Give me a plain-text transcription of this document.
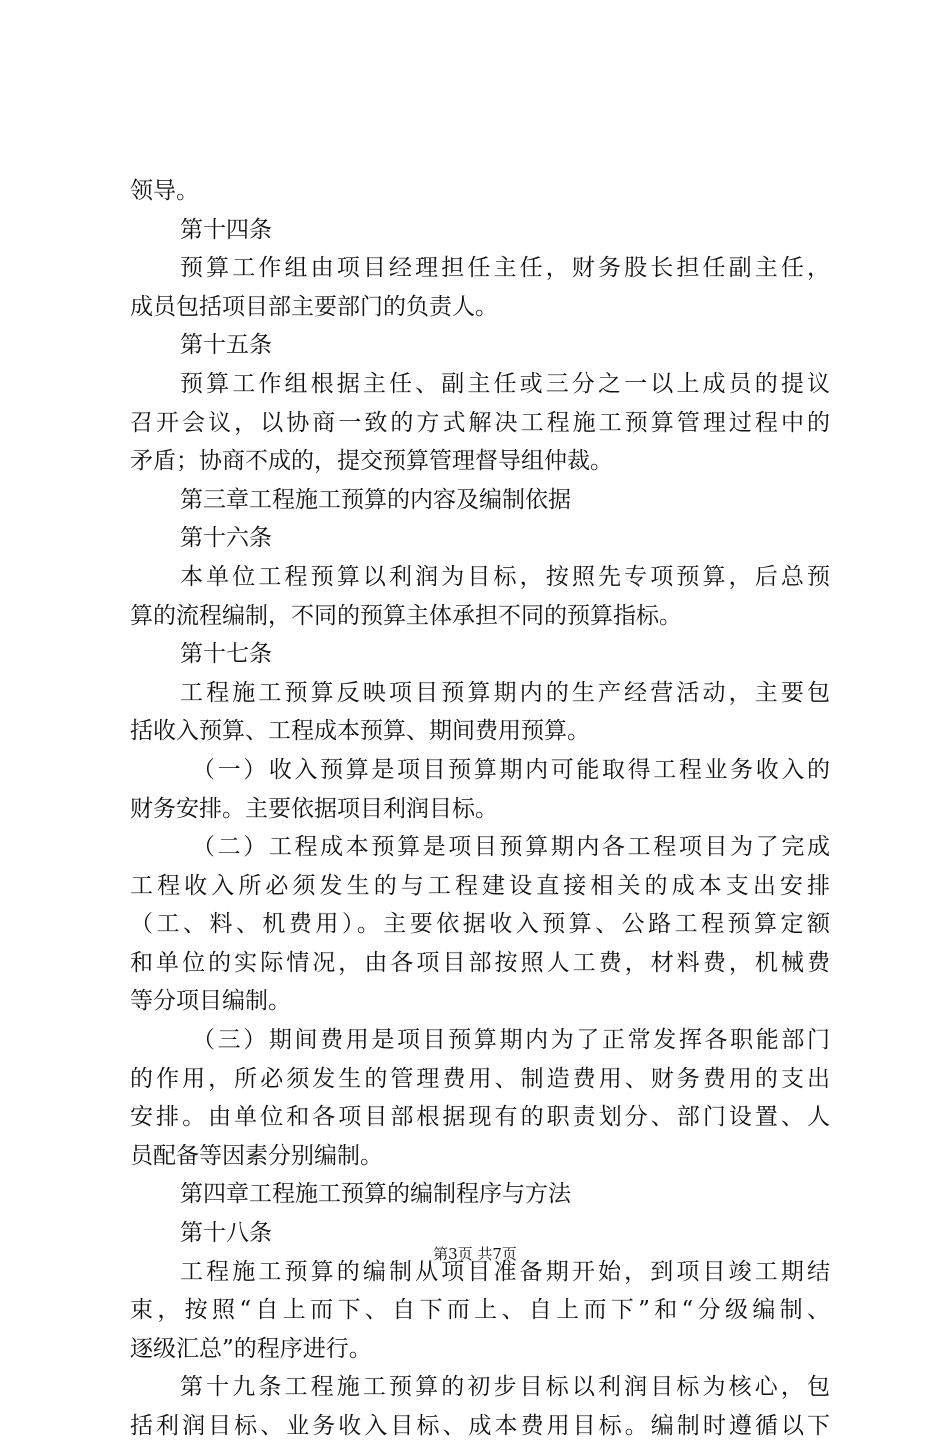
领导。
第十四条
预算工作组由项目经理担任主任，财务股长担任副主任，
成员包括项目部主要部门的负责人。
第十五条
预算工作组根据主任、副主任或三分之一以上成员的提议
召开会议，以协商一致的方式解决工程施工预算管理过程中的
矛盾；协商不成的，提交预算管理督导组仲裁。
第三章工程施工预算的内容及编制依据
第十六条
本单位工程预算以利润为目标，按照先专项预算，后总预
算的流程编制，不同的预算主体承担不同的预算指标。
第十七条
工程施工预算反映项目预算期内的生产经营活动，主要包
括收入预算、工程成本预算、期间费用预算。
（一）收入预算是项目预算期内可能取得工程业务收入的
财务安排。主要依据项目利润目标。
（二）工程成本预算是项目预算期内各工程项目为了完成
工程收入所必须发生的与工程建设直接相关的成本支出安排
（工、料、机费用）。主要依据收入预算、公路工程预算定额
和单位的实际情况，由各项目部按照人工费，材料费，机械费
等分项目编制。
（三）期间费用是项目预算期内为了正常发挥各职能部门
的作用，所必须发生的管理费用、制造费用、财务费用的支出
安排。由单位和各项目部根据现有的职责划分、部门设置、人
员配备等因素分别编制。
第四章工程施工预算的编制程序与方法
第十八条
工程施工预算的编制从项目准备期开始，到项目竣工期结
束，按照“自上而下、自下而上、自上而下”和“分级编制、
逐级汇总”的程序进行。
第十九条工程施工预算的初步目标以利润目标为核心，包
括利润目标、业务收入目标、成本费用目标。编制时遵循以下
第3页 共7页
